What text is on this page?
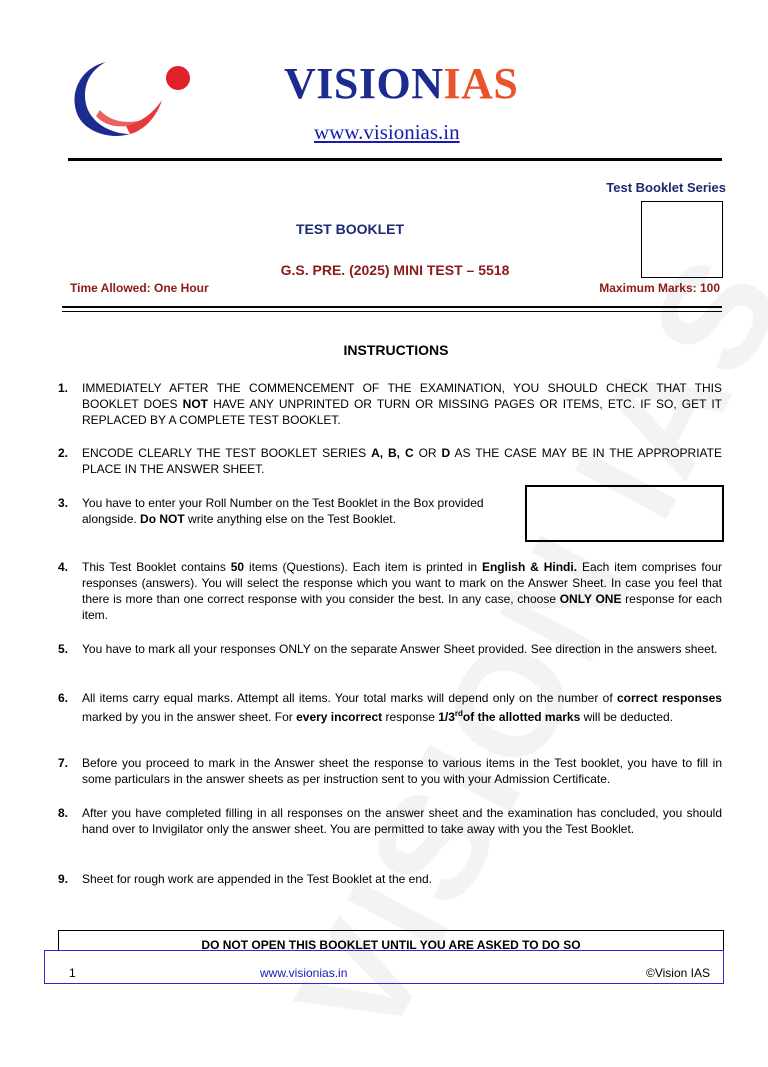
VISIONIAS
www.visionias.in
Test Booklet Series
TEST BOOKLET
G.S. PRE. (2025) MINI TEST – 5518
Time Allowed: One Hour	Maximum Marks: 100
INSTRUCTIONS
1. IMMEDIATELY AFTER THE COMMENCEMENT OF THE EXAMINATION, YOU SHOULD CHECK THAT THIS BOOKLET DOES NOT HAVE ANY UNPRINTED OR TURN OR MISSING PAGES OR ITEMS, ETC. IF SO, GET IT REPLACED BY A COMPLETE TEST BOOKLET.
2. ENCODE CLEARLY THE TEST BOOKLET SERIES A, B, C OR D AS THE CASE MAY BE IN THE APPROPRIATE PLACE IN THE ANSWER SHEET.
3. You have to enter your Roll Number on the Test Booklet in the Box provided alongside. Do NOT write anything else on the Test Booklet.
4. This Test Booklet contains 50 items (Questions). Each item is printed in English & Hindi. Each item comprises four responses (answers). You will select the response which you want to mark on the Answer Sheet. In case you feel that there is more than one correct response with you consider the best. In any case, choose ONLY ONE response for each item.
5. You have to mark all your responses ONLY on the separate Answer Sheet provided. See direction in the answers sheet.
6. All items carry equal marks. Attempt all items. Your total marks will depend only on the number of correct responses marked by you in the answer sheet. For every incorrect response 1/3rdof the allotted marks will be deducted.
7. Before you proceed to mark in the Answer sheet the response to various items in the Test booklet, you have to fill in some particulars in the answer sheets as per instruction sent to you with your Admission Certificate.
8. After you have completed filling in all responses on the answer sheet and the examination has concluded, you should hand over to Invigilator only the answer sheet. You are permitted to take away with you the Test Booklet.
9. Sheet for rough work are appended in the Test Booklet at the end.
DO NOT OPEN THIS BOOKLET UNTIL YOU ARE ASKED TO DO SO
1	www.visionias.in	©Vision IAS
